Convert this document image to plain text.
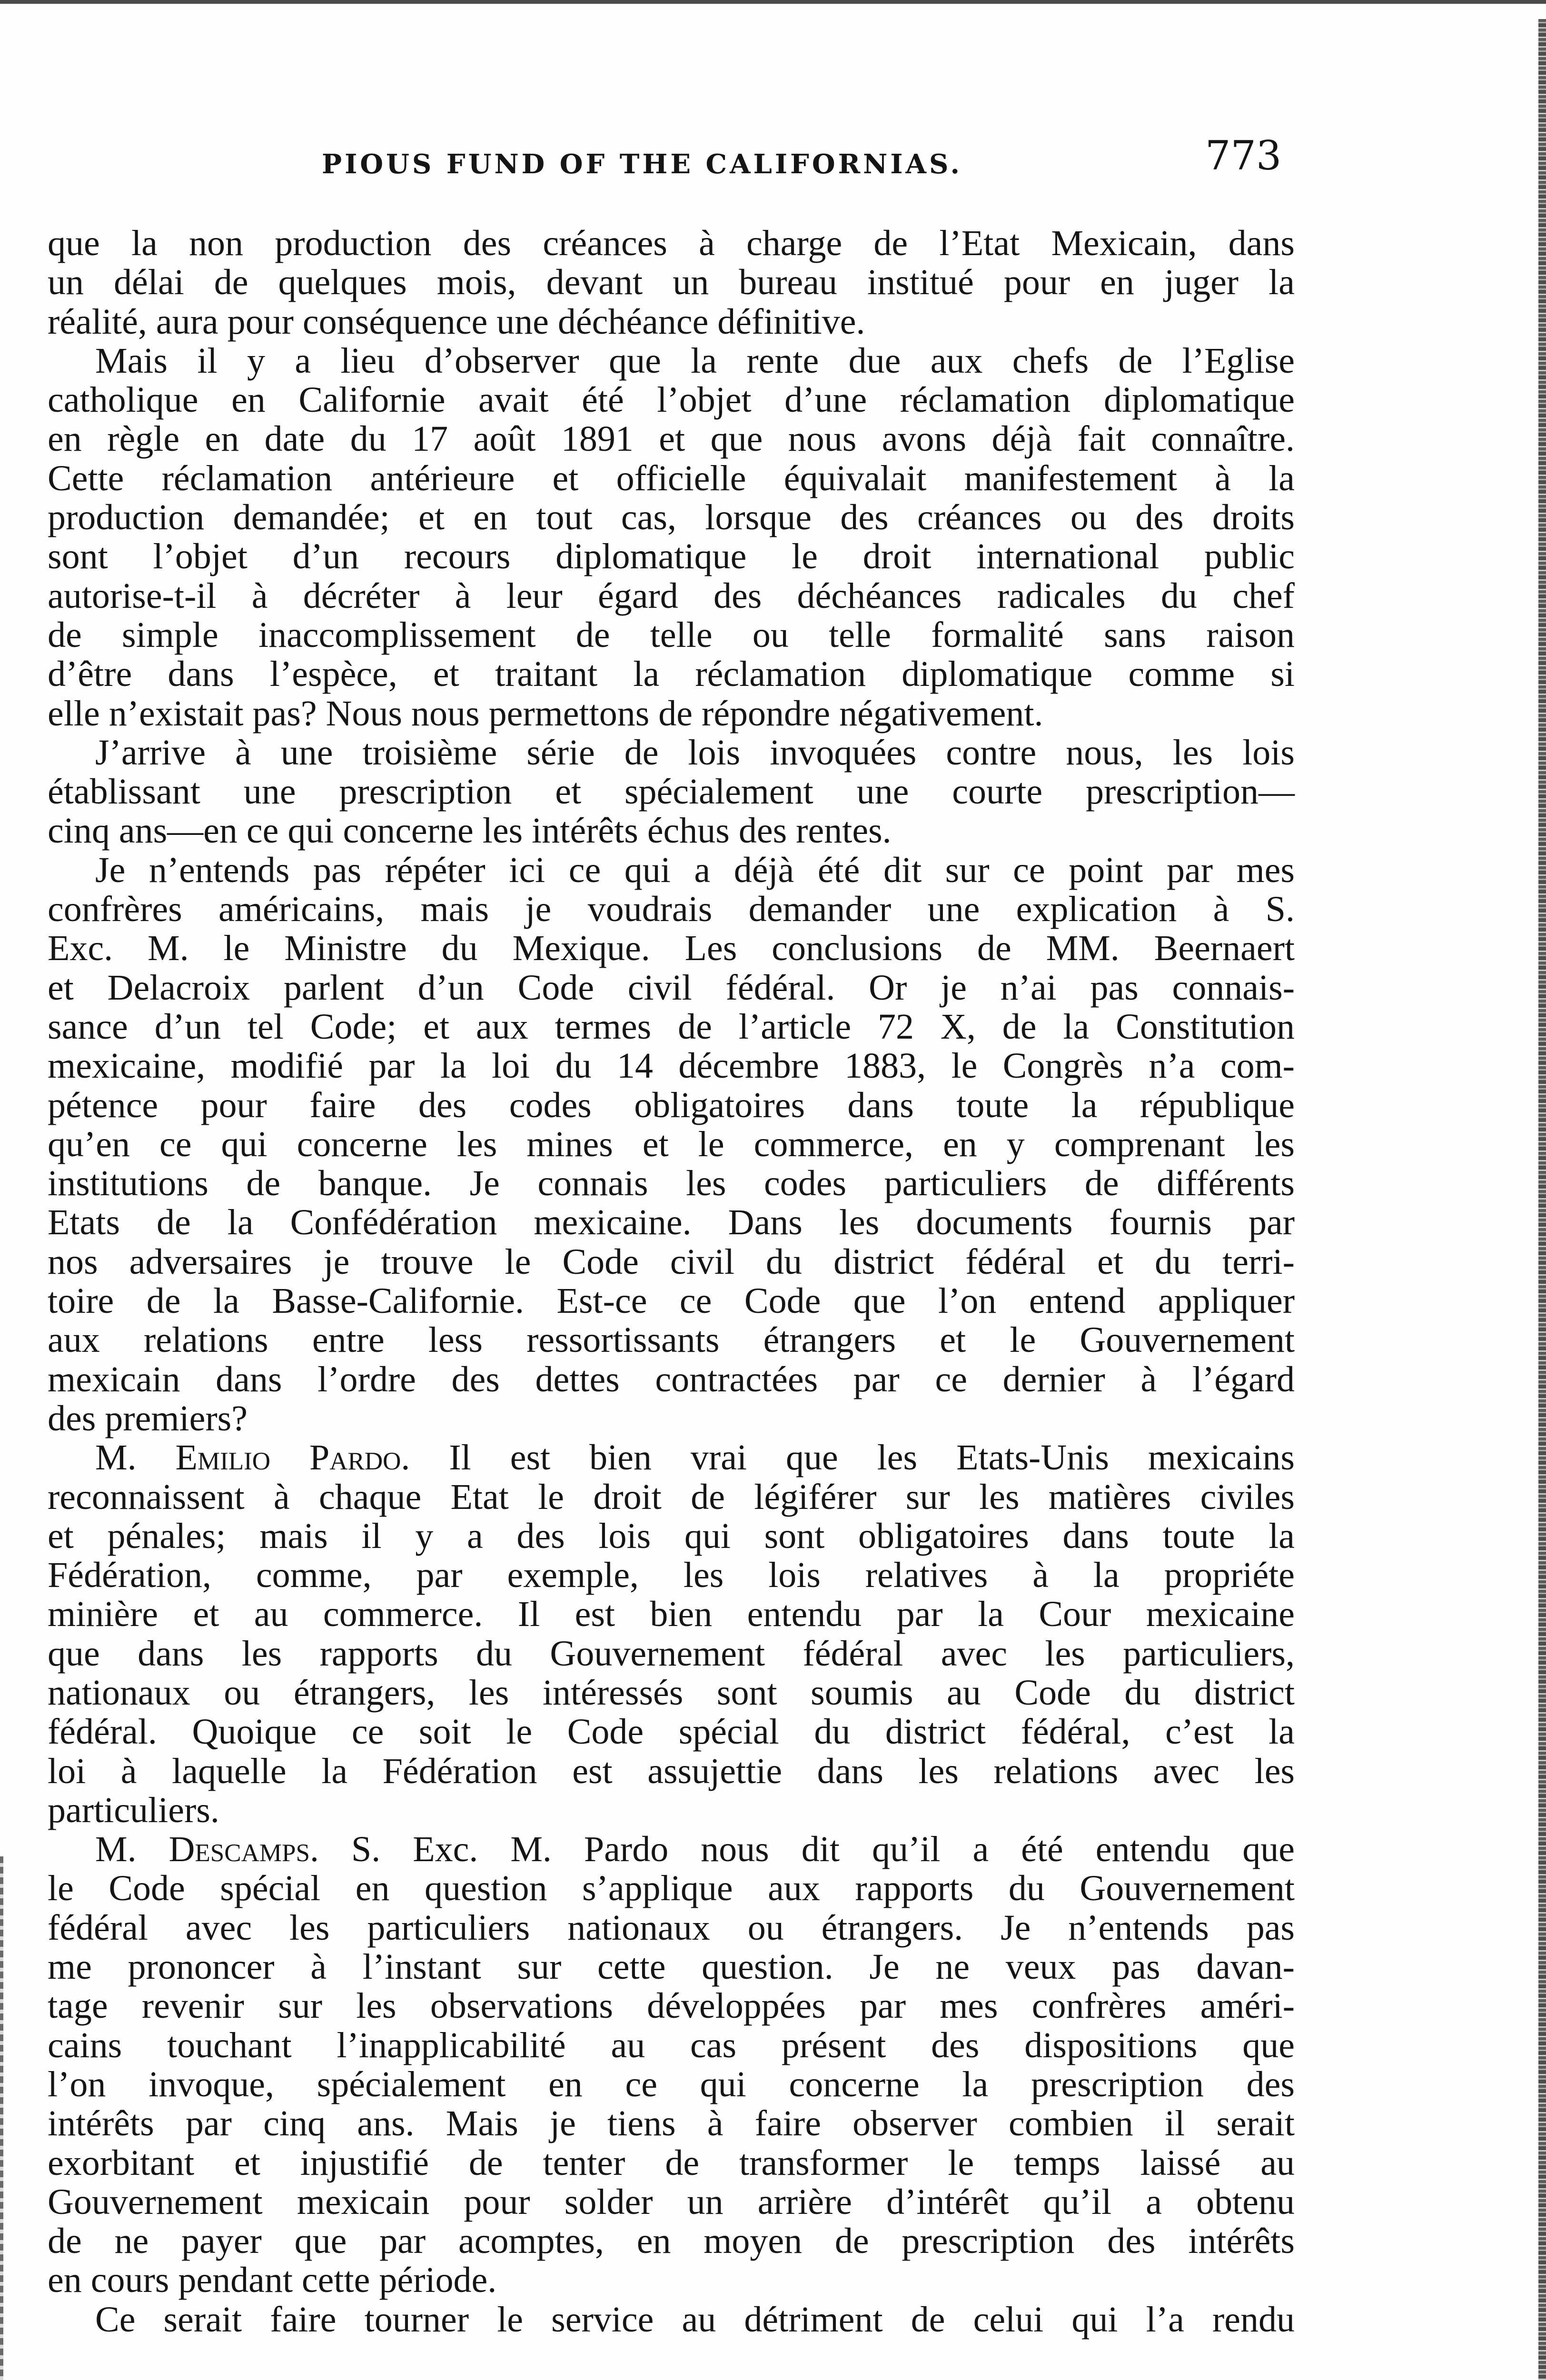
PIOUS FUND OF THE CALIFORNIAS.	773
que la non production des créances à charge de l’Etat Mexicain, dans
un délai de quelques mois, devant un bureau institué pour en juger la
réalité, aura pour conséquence une déchéance définitive.
Mais il y a lieu d’observer que la rente due aux chefs de l’Eglise
catholique en Californie avait été l’objet d’une réclamation diplomatique
en règle en date du 17 août 1891 et que nous avons déjà fait connaître.
Cette réclamation antérieure et officielle équivalait manifestement à la
production demandée; et en tout cas, lorsque des créances ou des droits
sont l’objet d’un recours diplomatique le droit international public
autorise-t-il à décréter à leur égard des déchéances radicales du chef
de simple inaccomplissement de telle ou telle formalité sans raison
d’être dans l’espèce, et traitant la réclamation diplomatique comme si
elle n’existait pas? Nous nous permettons de répondre négativement.
J’arrive à une troisième série de lois invoquées contre nous, les lois
établissant une prescription et spécialement une courte prescription—
cinq ans—en ce qui concerne les intérêts échus des rentes.
Je n’entends pas répéter ici ce qui a déjà été dit sur ce point par mes
confrères américains, mais je voudrais demander une explication à S.
Exc. M. le Ministre du Mexique. Les conclusions de MM. Beernaert
et Delacroix parlent d’un Code civil fédéral. Or je n’ai pas connais-
sance d’un tel Code; et aux termes de l’article 72 X, de la Constitution
mexicaine, modifié par la loi du 14 décembre 1883, le Congrès n’a com-
pétence pour faire des codes obligatoires dans toute la république
qu’en ce qui concerne les mines et le commerce, en y comprenant les
institutions de banque. Je connais les codes particuliers de différents
Etats de la Confédération mexicaine. Dans les documents fournis par
nos adversaires je trouve le Code civil du district fédéral et du terri-
toire de la Basse-Californie. Est-ce ce Code que l’on entend appliquer
aux relations entre less ressortissants étrangers et le Gouvernement
mexicain dans l’ordre des dettes contractées par ce dernier à l’égard
des premiers?
M. Emilio Pardo. Il est bien vrai que les Etats-Unis mexicains
reconnaissent à chaque Etat le droit de légiférer sur les matières civiles
et pénales; mais il y a des lois qui sont obligatoires dans toute la
Fédération, comme, par exemple, les lois relatives à la propriéte
minière et au commerce. Il est bien entendu par la Cour mexicaine
que dans les rapports du Gouvernement fédéral avec les particuliers,
nationaux ou étrangers, les intéressés sont soumis au Code du district
fédéral. Quoique ce soit le Code spécial du district fédéral, c’est la
loi à laquelle la Fédération est assujettie dans les relations avec les
particuliers.
M. Descamps. S. Exc. M. Pardo nous dit qu’il a été entendu que
le Code spécial en question s’applique aux rapports du Gouvernement
fédéral avec les particuliers nationaux ou étrangers. Je n’entends pas
me prononcer à l’instant sur cette question. Je ne veux pas davan-
tage revenir sur les observations développées par mes confrères améri-
cains touchant l’inapplicabilité au cas présent des dispositions que
l’on invoque, spécialement en ce qui concerne la prescription des
intérêts par cinq ans. Mais je tiens à faire observer combien il serait
exorbitant et injustifié de tenter de transformer le temps laissé au
Gouvernement mexicain pour solder un arrière d’intérêt qu’il a obtenu
de ne payer que par acomptes, en moyen de prescription des intérêts
en cours pendant cette période.
Ce serait faire tourner le service au détriment de celui qui l’a rendu
